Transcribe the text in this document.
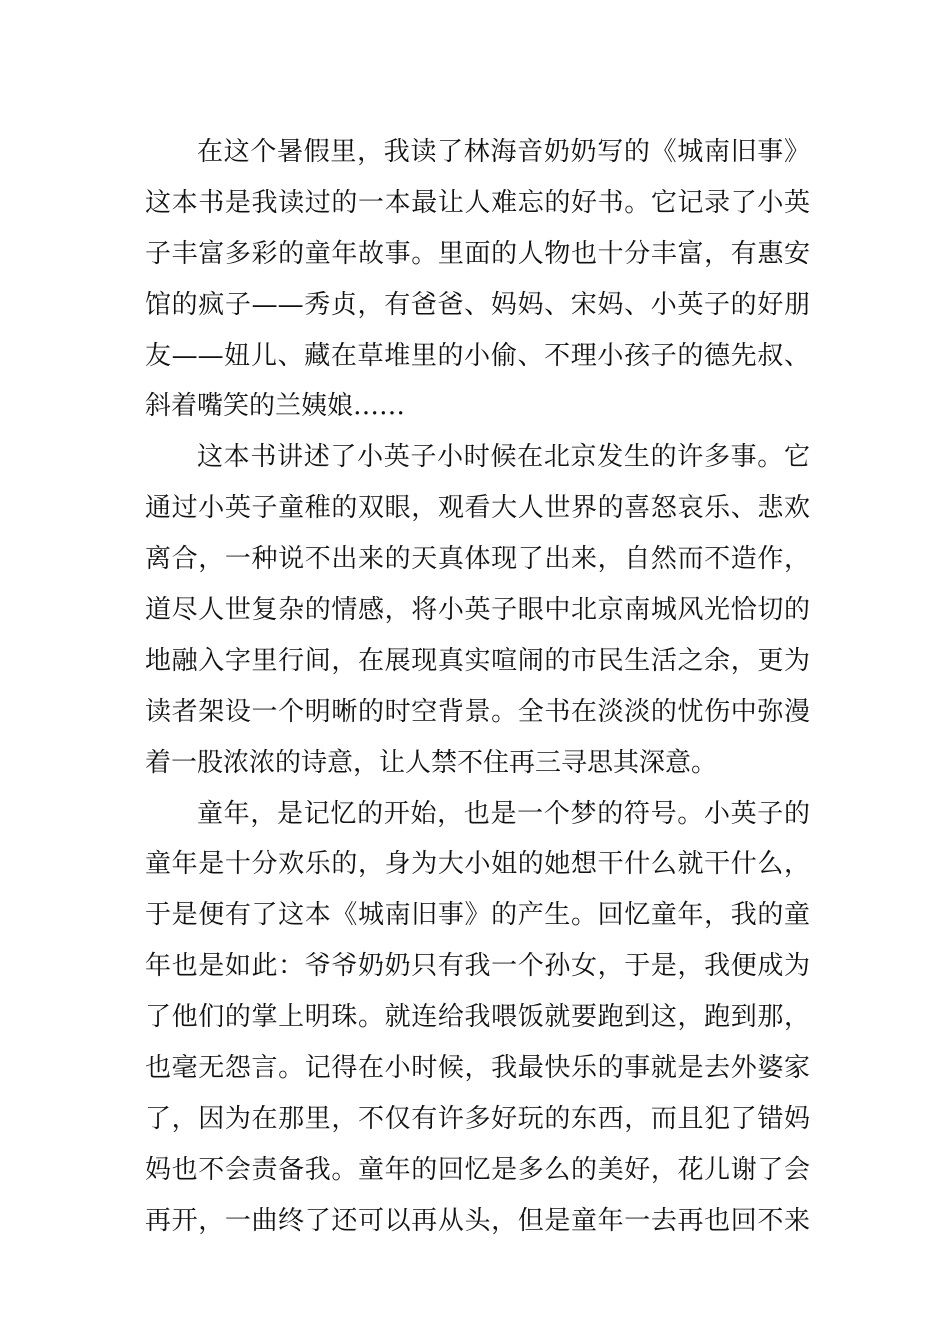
在这个暑假里，我读了林海音奶奶写的《城南旧事》
这本书是我读过的一本最让人难忘的好书。它记录了小英
子丰富多彩的童年故事。里面的人物也十分丰富，有惠安
馆的疯子——秀贞，有爸爸、妈妈、宋妈、小英子的好朋
友——妞儿、藏在草堆里的小偷、不理小孩子的德先叔、
斜着嘴笑的兰姨娘……
这本书讲述了小英子小时候在北京发生的许多事。它
通过小英子童稚的双眼，观看大人世界的喜怒哀乐、悲欢
离合，一种说不出来的天真体现了出来，自然而不造作，
道尽人世复杂的情感，将小英子眼中北京南城风光恰切的
地融入字里行间，在展现真实喧闹的市民生活之余，更为
读者架设一个明晰的时空背景。全书在淡淡的忧伤中弥漫
着一股浓浓的诗意，让人禁不住再三寻思其深意。
童年，是记忆的开始，也是一个梦的符号。小英子的
童年是十分欢乐的，身为大小姐的她想干什么就干什么，
于是便有了这本《城南旧事》的产生。回忆童年，我的童
年也是如此：爷爷奶奶只有我一个孙女，于是，我便成为
了他们的掌上明珠。就连给我喂饭就要跑到这，跑到那，
也毫无怨言。记得在小时候，我最快乐的事就是去外婆家
了，因为在那里，不仅有许多好玩的东西，而且犯了错妈
妈也不会责备我。童年的回忆是多么的美好，花儿谢了会
再开，一曲终了还可以再从头，但是童年一去再也回不来
